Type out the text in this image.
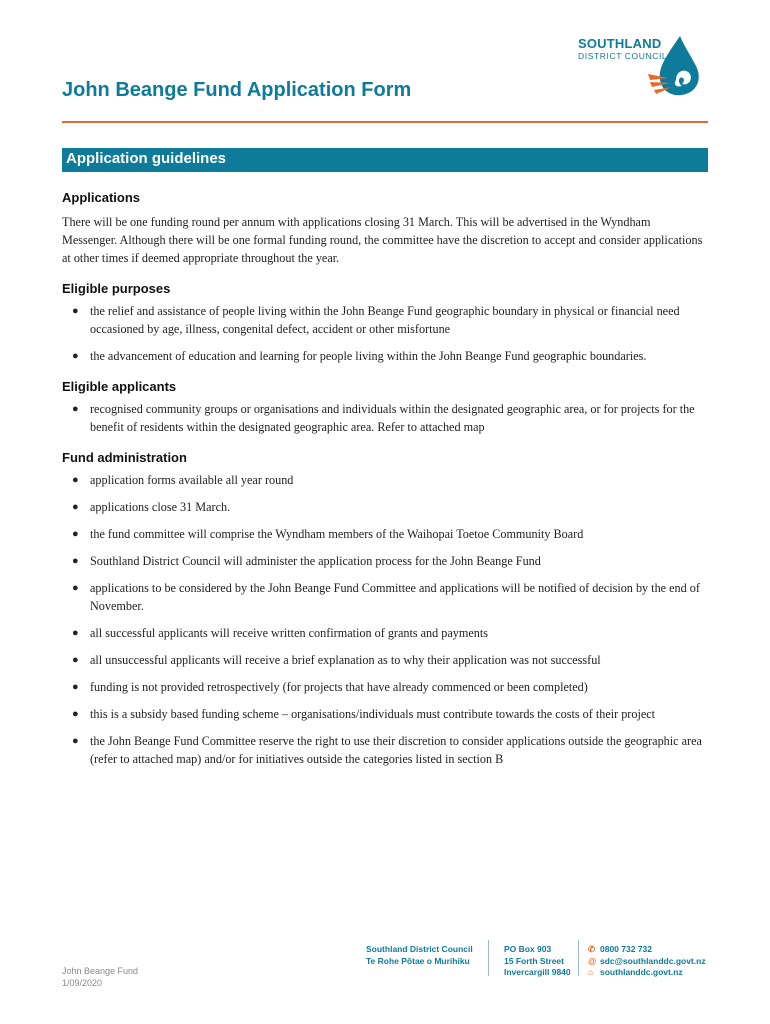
SOUTHLAND
DISTRICT COUNCIL
John Beange Fund Application Form
Application guidelines
Applications

There will be one funding round per annum with applications closing 31 March. This will be advertised in the Wyndham Messenger. Although there will be one formal funding round, the committee have the discretion to accept and consider applications at other times if deemed appropriate throughout the year.

Eligible purposes
● the relief and assistance of people living within the John Beange Fund geographic boundary in physical or financial need occasioned by age, illness, congenital defect, accident or other misfortune
● the advancement of education and learning for people living within the John Beange Fund geographic boundaries.
Eligible applicants
● recognised community groups or organisations and individuals within the designated geographic area, or for projects for the benefit of residents within the designated geographic area. Refer to attached map
Fund administration
● application forms available all year round
● applications close 31 March.
● the fund committee will comprise the Wyndham members of the Waihopai Toetoe Community Board
● Southland District Council will administer the application process for the John Beange Fund
● applications to be considered by the John Beange Fund Committee and applications will be notified of decision by the end of November.
● all successful applicants will receive written confirmation of grants and payments
● all unsuccessful applicants will receive a brief explanation as to why their application was not successful
● funding is not provided retrospectively (for projects that have already commenced or been completed)
● this is a subsidy based funding scheme – organisations/individuals must contribute towards the costs of their project
● the John Beange Fund Committee reserve the right to use their discretion to consider applications outside the geographic area (refer to attached map) and/or for initiatives outside the categories listed in section B
John Beange Fund
1/09/2020
Southland District Council
Te Rohe Pōtae o Murihiku
PO Box 903
15 Forth Street
Invercargill 9840
✆ 0800 732 732
@ sdc@southlanddc.govt.nz
⌂ southlanddc.govt.nz
